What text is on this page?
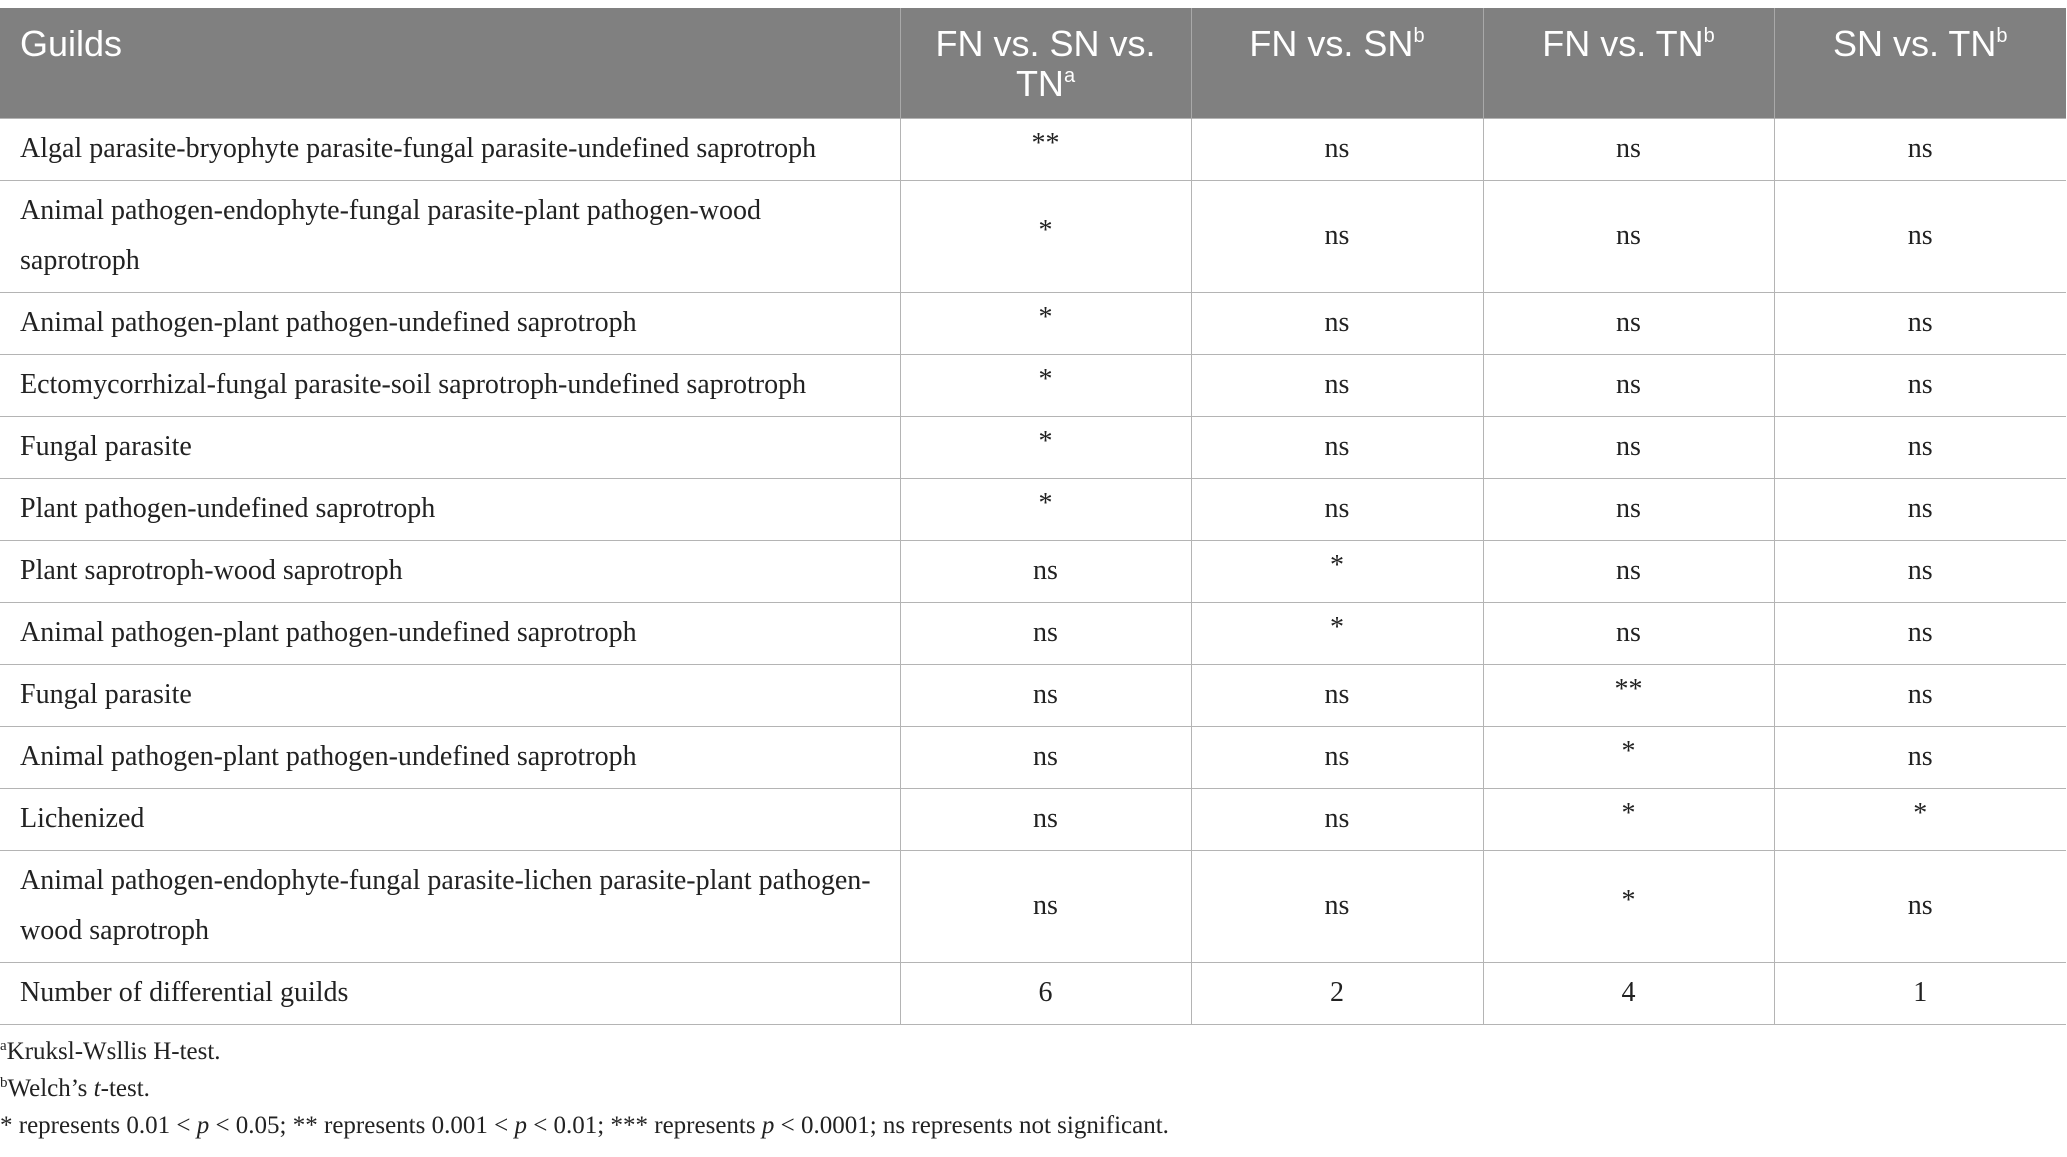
Guilds	FN vs. SN vs. $TN^a$	FN vs. $SN^b$	FN vs. $TN^b$	SN vs. $TN^b$
Algal parasite-bryophyte parasite-fungal parasite-undefined saprotroph	**	ns	ns	ns
Animal pathogen-endophyte-fungal parasite-plant pathogen-wood saprotroph	*	ns	ns	ns
Animal pathogen-plant pathogen-undefined saprotroph	*	ns	ns	ns
Ectomycorrhizal-fungal parasite-soil saprotroph-undefined saprotroph	*	ns	ns	ns
Fungal parasite	*	ns	ns	ns
Plant pathogen-undefined saprotroph	*	ns	ns	ns
Plant saprotroph-wood saprotroph	ns	*	ns	ns
Animal pathogen-plant pathogen-undefined saprotroph	ns	*	ns	ns
Fungal parasite	ns	ns	**	ns
Animal pathogen-plant pathogen-undefined saprotroph	ns	ns	*	ns
Lichenized	ns	ns	*	*
Animal pathogen-endophyte-fungal parasite-lichen parasite-plant pathogen-wood saprotroph	ns	ns	*	ns
Number of differential guilds	6	2	4	1
$^a$Kruksl-Wsllis H-test.
$^b$Welch’s t-test.
* represents 0.01 < p < 0.05; ** represents 0.001 < p < 0.01; *** represents p < 0.0001; ns represents not significant.
